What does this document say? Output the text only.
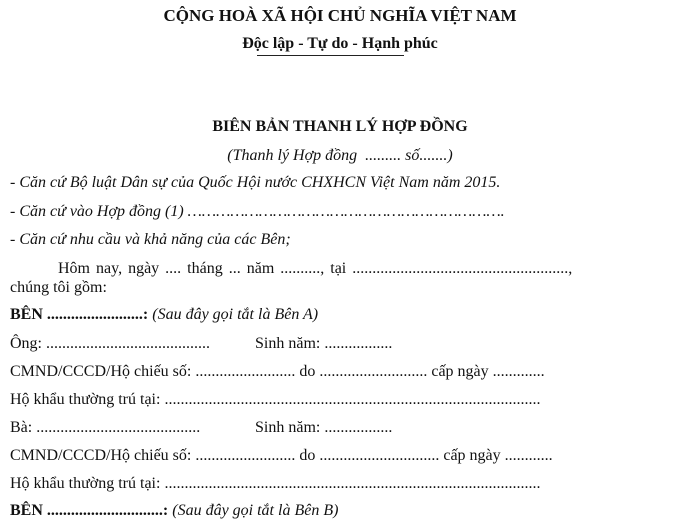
CỘNG HOÀ XÃ HỘI CHỦ NGHĨA VIỆT NAM
Độc lập - Tự do - Hạnh phúc
BIÊN BẢN THANH LÝ HỢP ĐỒNG
(Thanh lý Hợp đồng  ......... số.......)
- Căn cứ Bộ luật Dân sự của Quốc Hội nước CHXHCN Việt Nam năm 2015.
- Căn cứ vào Hợp đồng (1) ………………………………………………………….
- Căn cứ nhu cầu và khả năng của các Bên;
Hôm nay, ngày .... tháng ... năm .........., tại ......................................................,
chúng tôi gồm:
BÊN ........................: (Sau đây gọi tắt là Bên A)
Ông: .........................................	Sinh năm: .................
CMND/CCCD/Hộ chiếu số: ......................... do ........................... cấp ngày .............
Hộ khẩu thường trú tại: ..............................................................................................
Bà: .........................................	Sinh năm: .................
CMND/CCCD/Hộ chiếu số: ......................... do .............................. cấp ngày ............
Hộ khẩu thường trú tại: ..............................................................................................
BÊN .............................: (Sau đây gọi tắt là Bên B)
